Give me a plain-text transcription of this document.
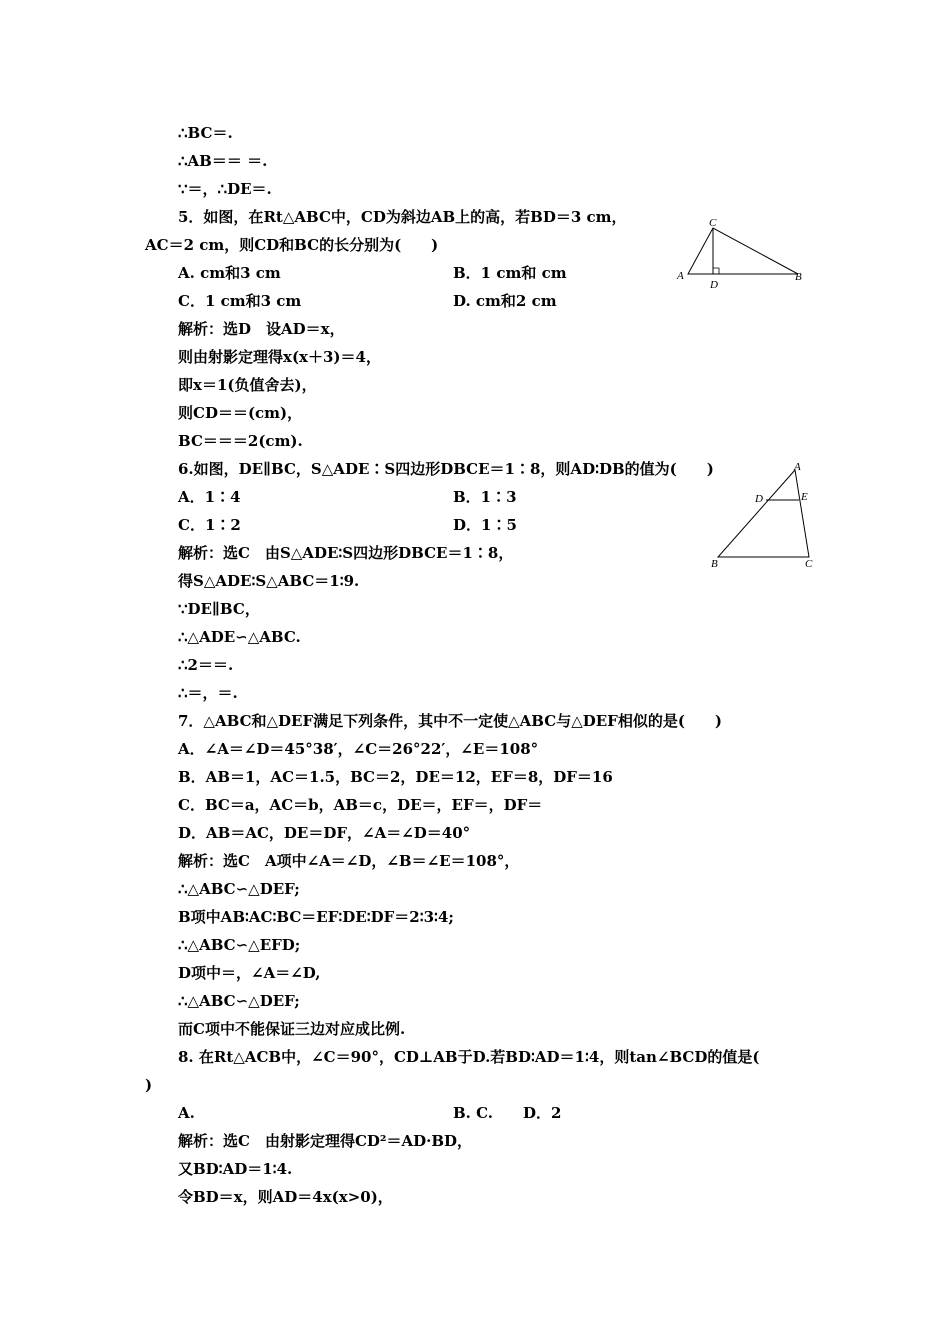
∴BC＝.
∴AB＝＝ ＝.
∵＝，∴DE＝.
5．如图，在Rt△ABC中，CD为斜边AB上的高，若BD＝3 cm，
AC＝2 cm，则CD和BC的长分别为(　　)
A. cm和3 cm	B．1 cm和 cm
C．1 cm和3 cm	D. cm和2 cm
解析：选D　设AD＝x，
则由射影定理得x(x＋3)＝4，
即x＝1(负值舍去)，
则CD＝＝(cm)，
BC＝＝＝2(cm).
6.如图，DE∥BC，S△ADE∶S四边形DBCE＝1∶8，则AD∶DB的值为(　　)
A．1∶4	B．1∶3
C．1∶2	D．1∶5
解析：选C　由S△ADE∶S四边形DBCE＝1∶8，
得S△ADE∶S△ABC＝1∶9.
∵DE∥BC，
∴△ADE∽△ABC.
∴2＝＝.
∴＝，＝.
7．△ABC和△DEF满足下列条件，其中不一定使△ABC与△DEF相似的是(　　)
A．∠A＝∠D＝45°38′，∠C＝26°22′，∠E＝108°
B．AB＝1，AC＝1.5，BC＝2，DE＝12，EF＝8，DF＝16
C．BC＝a，AC＝b，AB＝c，DE＝，EF＝，DF＝
D．AB＝AC，DE＝DF，∠A＝∠D＝40°
解析：选C　A项中∠A＝∠D，∠B＝∠E＝108°，
∴△ABC∽△DEF;
B项中AB∶AC∶BC＝EF∶DE∶DF＝2∶3∶4;
∴△ABC∽△EFD;
D项中＝，∠A＝∠D,
∴△ABC∽△DEF;
而C项中不能保证三边对应成比例.
8. 在Rt△ACB中，∠C＝90°，CD⊥AB于D.若BD∶AD＝1∶4，则tan∠BCD的值是(
)
A.	B. C.　　D．2
解析：选C　由射影定理得CD²＝AD·BD，
又BD∶AD＝1∶4.
令BD＝x，则AD＝4x(x>0)，
C
A
D
B
A
D	E
B	C
